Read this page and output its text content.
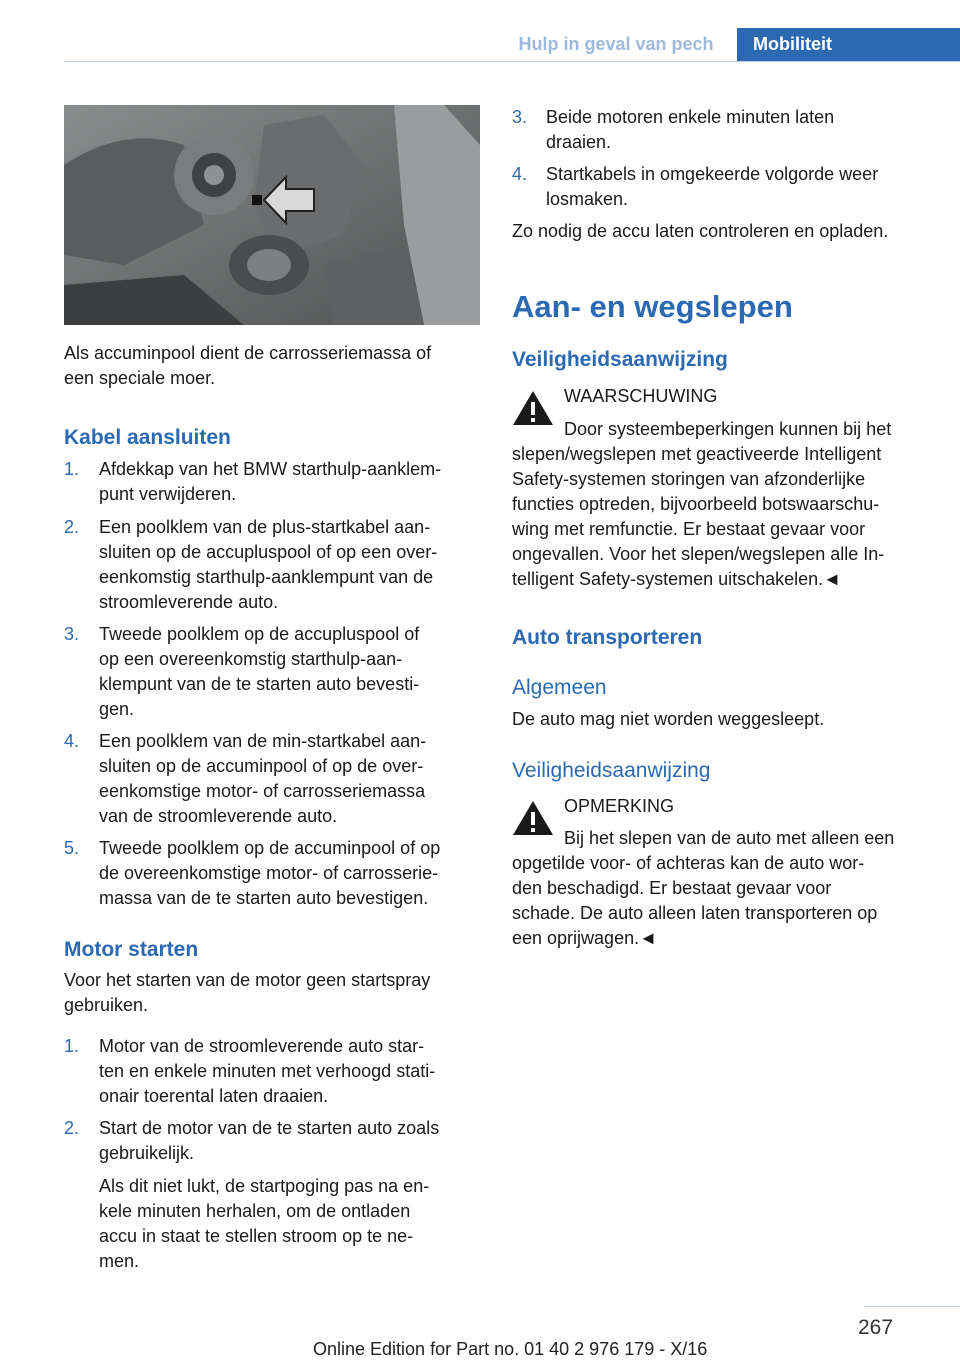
Hulp in geval van pech	Mobiliteit

Als accuminpool dient de carrosseriemassa of

een speciale moer.

Kabel aansluiten
1. Afdekkap van het BMW starthulp-aanklem-

punt verwijderen.

2. Een poolklem van de plus-startkabel aan-

sluiten op de accupluspool of op een over-

eenkomstig starthulp-aanklempunt van de

stroomleverende auto.

3. Tweede poolklem op de accupluspool of

op een overeenkomstig starthulp-aan-

klempunt van de te starten auto bevesti-

gen.

4. Een poolklem van de min-startkabel aan-

sluiten op de accuminpool of op de over-

eenkomstige motor- of carrosseriemassa

van de stroomleverende auto.

5. Tweede poolklem op de accuminpool of op

de overeenkomstige motor- of carrosserie-

massa van de te starten auto bevestigen.

Motor starten

Voor het starten van de motor geen startspray

gebruiken.

1. Motor van de stroomleverende auto star-

ten en enkele minuten met verhoogd stati-

onair toerental laten draaien.

2. Start de motor van de te starten auto zoals

gebruikelijk.

Als dit niet lukt, de startpoging pas na en-

kele minuten herhalen, om de ontladen

accu in staat te stellen stroom op te ne-

men.

3. Beide motoren enkele minuten laten

draaien.

4. Startkabels in omgekeerde volgorde weer

losmaken.

Zo nodig de accu laten controleren en opladen.

Aan- en wegslepen
Veiligheidsaanwijzing

WAARSCHUWING

Door systeembeperkingen kunnen bij het

slepen/wegslepen met geactiveerde Intelligent

Safety-systemen storingen van afzonderlijke

functies optreden, bijvoorbeeld botswaarschu-

wing met remfunctie. Er bestaat gevaar voor

ongevallen. Voor het slepen/wegslepen alle In-

telligent Safety-systemen uitschakelen.◄

Auto transporteren
Algemeen

De auto mag niet worden weggesleept.

Veiligheidsaanwijzing

OPMERKING

Bij het slepen van de auto met alleen een

opgetilde voor- of achteras kan de auto wor-

den beschadigd. Er bestaat gevaar voor

schade. De auto alleen laten transporteren op

een oprijwagen.◄

267
Online Edition for Part no. 01 40 2 976 179 - X/16
